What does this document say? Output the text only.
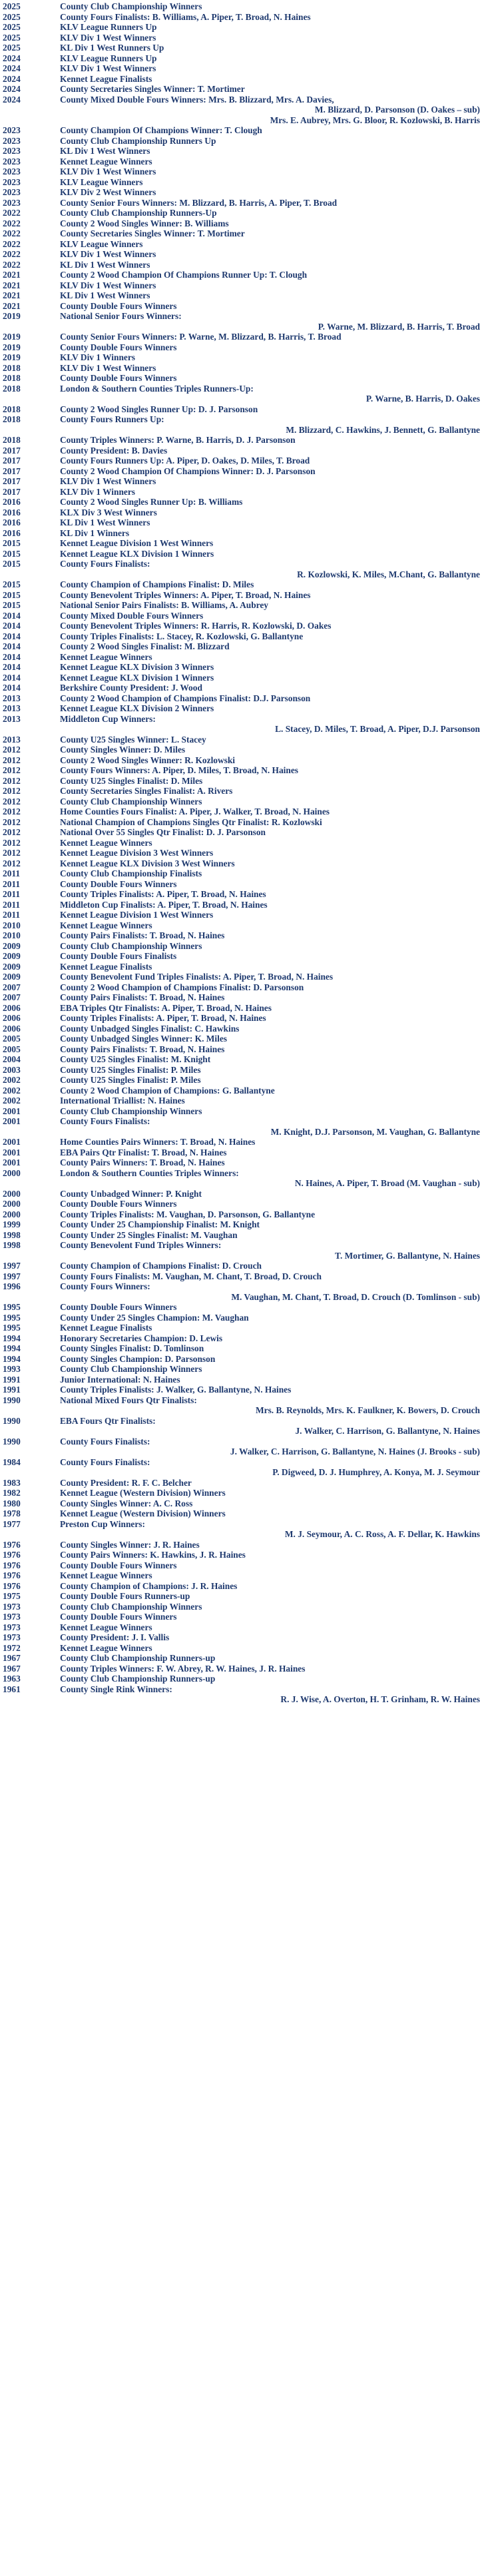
2025	County Club Championship Winners
2025	County Fours Finalists: B. Williams, A. Piper, T. Broad, N. Haines
2025	KLV League Runners Up
2025	KLV Div 1 West Winners
2025	KL Div 1 West Runners Up
2024	KLV League Runners Up
2024	KLV Div 1 West Winners
2024	Kennet League Finalists
2024	County Secretaries Singles Winner: T. Mortimer
2024	County Mixed Double Fours Winners: Mrs. B. Blizzard, Mrs. A. Davies,
M. Blizzard, D. Parsonson (D. Oakes – sub)
Mrs. E. Aubrey, Mrs. G. Bloor, R. Kozlowski, B. Harris
2023	County Champion Of Champions Winner: T. Clough
2023	County Club Championship Runners Up
2023	KL Div 1 West Winners
2023	Kennet League Winners
2023	KLV Div 1 West Winners
2023	KLV League Winners
2023	KLV Div 2 West Winners
2023	County Senior Fours Winners: M. Blizzard, B. Harris, A. Piper, T. Broad
2022	County Club Championship Runners-Up
2022	County 2 Wood Singles Winner: B. Williams
2022	County Secretaries Singles Winner: T. Mortimer
2022	KLV League Winners
2022	KLV Div 1 West Winners
2022	KL Div 1 West Winners
2021	County 2 Wood Champion Of Champions Runner Up: T. Clough
2021	KLV Div 1 West Winners
2021	KL Div 1 West Winners
2021	County Double Fours Winners
2019	National Senior Fours Winners:
P. Warne, M. Blizzard, B. Harris, T. Broad
2019	County Senior Fours Winners: P. Warne, M. Blizzard, B. Harris, T. Broad
2019	County Double Fours Winners
2019	KLV Div 1 Winners
2018	KLV Div 1 West Winners
2018	County Double Fours Winners
2018	London & Southern Counties Triples Runners-Up:
P. Warne, B. Harris, D. Oakes
2018	County 2 Wood Singles Runner Up: D. J. Parsonson
2018	County Fours Runners Up:
M. Blizzard, C. Hawkins, J. Bennett, G. Ballantyne
2018	County Triples Winners: P. Warne, B. Harris, D. J. Parsonson
2017	County President: B. Davies
2017	County Fours Runners Up: A. Piper, D. Oakes, D. Miles, T. Broad
2017	County 2 Wood Champion Of Champions Winner: D. J. Parsonson
2017	KLV Div 1 West Winners
2017	KLV Div 1 Winners
2016	County 2 Wood Singles Runner Up: B. Williams
2016	KLX Div 3 West Winners
2016	KL Div 1 West Winners
2016	KL Div 1 Winners
2015	Kennet League Division 1 West Winners
2015	Kennet League KLX Division 1 Winners
2015	County Fours Finalists:
R. Kozlowski, K. Miles, M.Chant, G. Ballantyne
2015	County Champion of Champions Finalist: D. Miles
2015	County Benevolent Triples Winners: A. Piper, T. Broad, N. Haines
2015	National Senior Pairs Finalists: B. Williams, A. Aubrey
2014	County Mixed Double Fours Winners
2014	County Benevolent Triples Winners: R. Harris, R. Kozlowski, D. Oakes
2014	County Triples Finalists: L. Stacey, R. Kozlowski, G. Ballantyne
2014	County 2 Wood Singles Finalist: M. Blizzard
2014	Kennet League Winners
2014	Kennet League KLX Division 3 Winners
2014	Kennet League KLX Division 1 Winners
2014	Berkshire County President: J. Wood
2013	County 2 Wood Champion of Champions Finalist: D.J. Parsonson
2013	Kennet League KLX Division 2 Winners
2013	Middleton Cup Winners:
L. Stacey, D. Miles, T. Broad, A. Piper, D.J. Parsonson
2013	County U25 Singles Winner: L. Stacey
2012	County Singles Winner: D. Miles
2012	County 2 Wood Singles Winner: R. Kozlowski
2012	County Fours Winners: A. Piper, D. Miles, T. Broad, N. Haines
2012	County U25 Singles Finalist: D. Miles
2012	County Secretaries Singles Finalist: A. Rivers
2012	County Club Championship Winners
2012	Home Counties Fours Finalist: A. Piper, J. Walker, T. Broad, N. Haines
2012	National Champion of Champions Singles Qtr Finalist: R. Kozlowski
2012	National Over 55 Singles Qtr Finalist: D. J. Parsonson
2012	Kennet League Winners
2012	Kennet League Division 3 West Winners
2012	Kennet League KLX Division 3 West Winners
2011	County Club Championship Finalists
2011	County Double Fours Winners
2011	County Triples Finalists: A. Piper, T. Broad, N. Haines
2011	Middleton Cup Finalists: A. Piper, T. Broad, N. Haines
2011	Kennet League Division 1 West Winners
2010	Kennet League Winners
2010	County Pairs Finalists: T. Broad, N. Haines
2009	County Club Championship Winners
2009	County Double Fours Finalists
2009	Kennet League Finalists
2009	County Benevolent Fund Triples Finalists: A. Piper, T. Broad, N. Haines
2007	County 2 Wood Champion of Champions Finalist: D. Parsonson
2007	County Pairs Finalists: T. Broad, N. Haines
2006	EBA Triples Qtr Finalists: A. Piper, T. Broad, N. Haines
2006	County Triples Finalists: A. Piper, T. Broad, N. Haines
2006	County Unbadged Singles Finalist: C. Hawkins
2005	County Unbadged Singles Winner: K. Miles
2005	County Pairs Finalists: T. Broad, N. Haines
2004	County U25 Singles Finalist: M. Knight
2003	County U25 Singles Finalist: P. Miles
2002	County U25 Singles Finalist: P. Miles
2002	County 2 Wood Champion of Champions: G. Ballantyne
2002	International Triallist: N. Haines
2001	County Club Championship Winners
2001	County Fours Finalists:
M. Knight, D.J. Parsonson, M. Vaughan, G. Ballantyne
2001	Home Counties Pairs Winners: T. Broad, N. Haines
2001	EBA Pairs Qtr Finalist: T. Broad, N. Haines
2001	County Pairs Winners: T. Broad, N. Haines
2000	London & Southern Counties Triples Winners:
N. Haines, A. Piper, T. Broad (M. Vaughan - sub)
2000	County Unbadged Winner: P. Knight
2000	County Double Fours Winners
2000	County Triples Finalists: M. Vaughan, D. Parsonson, G. Ballantyne
1999	County Under 25 Championship Finalist: M. Knight
1998	County Under 25 Singles Finalist: M. Vaughan
1998	County Benevolent Fund Triples Winners:
T. Mortimer, G. Ballantyne, N. Haines
1997	County Champion of Champions Finalist: D. Crouch
1997	County Fours Finalists: M. Vaughan, M. Chant, T. Broad, D. Crouch
1996	County Fours Winners:
M. Vaughan, M. Chant, T. Broad, D. Crouch (D. Tomlinson - sub)
1995	County Double Fours Winners
1995	County Under 25 Singles Champion: M. Vaughan
1995	Kennet League Finalists
1994	Honorary Secretaries Champion: D. Lewis
1994	County Singles Finalist: D. Tomlinson
1994	County Singles Champion: D. Parsonson
1993	County Club Championship Winners
1991	Junior International: N. Haines
1991	County Triples Finalists: J. Walker, G. Ballantyne, N. Haines
1990	National Mixed Fours Qtr Finalists:
Mrs. B. Reynolds, Mrs. K. Faulkner, K. Bowers, D. Crouch
1990	EBA Fours Qtr Finalists:
J. Walker, C. Harrison, G. Ballantyne, N. Haines
1990	County Fours Finalists:
J. Walker, C. Harrison, G. Ballantyne, N. Haines (J. Brooks - sub)
1984	County Fours Finalists:
P. Digweed, D. J. Humphrey, A. Konya, M. J. Seymour
1983	County President: R. F. C. Belcher
1982	Kennet League (Western Division) Winners
1980	County Singles Winner: A. C. Ross
1978	Kennet League (Western Division) Winners
1977	Preston Cup Winners:
M. J. Seymour, A. C. Ross, A. F. Dellar, K. Hawkins
1976	County Singles Winner: J. R. Haines
1976	County Pairs Winners: K. Hawkins, J. R. Haines
1976	County Double Fours Winners
1976	Kennet League Winners
1976	County Champion of Champions: J. R. Haines
1975	County Double Fours Runners-up
1973	County Club Championship Winners
1973	County Double Fours Winners
1973	Kennet League Winners
1973	County President: J. I. Vallis
1972	Kennet League Winners
1967	County Club Championship Runners-up
1967	County Triples Winners: F. W. Abrey, R. W. Haines, J. R. Haines
1963	County Club Championship Runners-up
1961	County Single Rink Winners:
R. J. Wise, A. Overton, H. T. Grinham, R. W. Haines
